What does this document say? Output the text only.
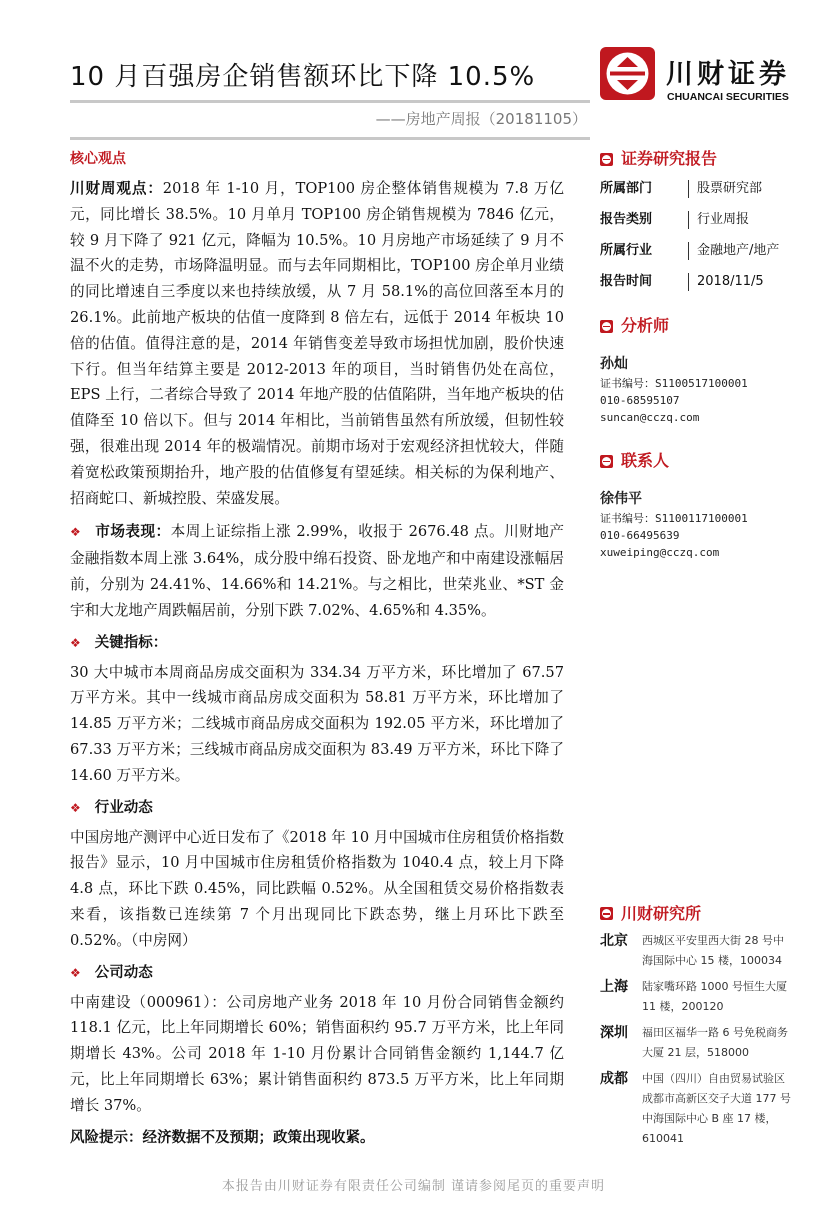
10 月百强房企销售额环比下降 10.5%
——房地产周报（20181105）
川财证券
CHUANCAI SECURITIES
核心观点
川财周观点：2018 年 1-10 月，TOP100 房企整体销售规模为 7.8 万亿元，同比增长 38.5%。10 月单月 TOP100 房企销售规模为 7846 亿元，较 9 月下降了 921 亿元，降幅为 10.5%。10 月房地产市场延续了 9 月不温不火的走势，市场降温明显。而与去年同期相比，TOP100 房企单月业绩的同比增速自三季度以来也持续放缓，从 7 月 58.1%的高位回落至本月的 26.1%。此前地产板块的估值一度降到 8 倍左右，远低于 2014 年板块 10 倍的估值。值得注意的是，2014 年销售变差导致市场担忧加剧，股价快速下行。但当年结算主要是 2012-2013 年的项目，当时销售仍处在高位，EPS 上行，二者综合导致了 2014 年地产股的估值陷阱，当年地产板块的估值降至 10 倍以下。但与 2014 年相比，当前销售虽然有所放缓，但韧性较强，很难出现 2014 年的极端情况。前期市场对于宏观经济担忧较大，伴随着宽松政策预期抬升，地产股的估值修复有望延续。相关标的为保利地产、招商蛇口、新城控股、荣盛发展。
❖ 市场表现：本周上证综指上涨 2.99%，收报于 2676.48 点。川财地产金融指数本周上涨 3.64%，成分股中绵石投资、卧龙地产和中南建设涨幅居前，分别为 24.41%、14.66%和 14.21%。与之相比，世荣兆业、*ST 金宇和大龙地产周跌幅居前，分别下跌 7.02%、4.65%和 4.35%。
❖ 关键指标：
30 大中城市本周商品房成交面积为 334.34 万平方米，环比增加了 67.57 万平方米。其中一线城市商品房成交面积为 58.81 万平方米，环比增加了 14.85 万平方米；二线城市商品房成交面积为 192.05 平方米，环比增加了 67.33 万平方米；三线城市商品房成交面积为 83.49 万平方米，环比下降了 14.60 万平方米。
❖ 行业动态
中国房地产测评中心近日发布了《2018 年 10 月中国城市住房租赁价格指数报告》显示，10 月中国城市住房租赁价格指数为 1040.4 点，较上月下降 4.8 点，环比下跌 0.45%，同比跌幅 0.52%。从全国租赁交易价格指数表来看，该指数已连续第 7 个月出现同比下跌态势，继上月环比下跌至 0.52%。（中房网）
❖ 公司动态
中南建设（000961）：公司房地产业务 2018 年 10 月份合同销售金额约 118.1 亿元，比上年同期增长 60%；销售面积约 95.7 万平方米，比上年同期增长 43%。公司 2018 年 1-10 月份累计合同销售金额约 1,144.7 亿元，比上年同期增长 63%；累计销售面积约 873.5 万平方米，比上年同期增长 37%。
风险提示：经济数据不及预期；政策出现收紧。
证券研究报告
所属部门	股票研究部
报告类别	行业周报
所属行业	金融地产/地产
报告时间	2018/11/5
分析师
孙灿
证书编号：S1100517100001
010-68595107
suncan@cczq.com
联系人
徐伟平
证书编号：S1100117100001
010-66495639
xuweiping@cczq.com
川财研究所
北京	西城区平安里西大街 28 号中海国际中心 15 楼，100034
上海	陆家嘴环路 1000 号恒生大厦 11 楼，200120
深圳	福田区福华一路 6 号免税商务大厦 21 层，518000
成都	中国（四川）自由贸易试验区成都市高新区交子大道 177 号中海国际中心 B 座 17 楼，610041
本报告由川财证券有限责任公司编制 谨请参阅尾页的重要声明
